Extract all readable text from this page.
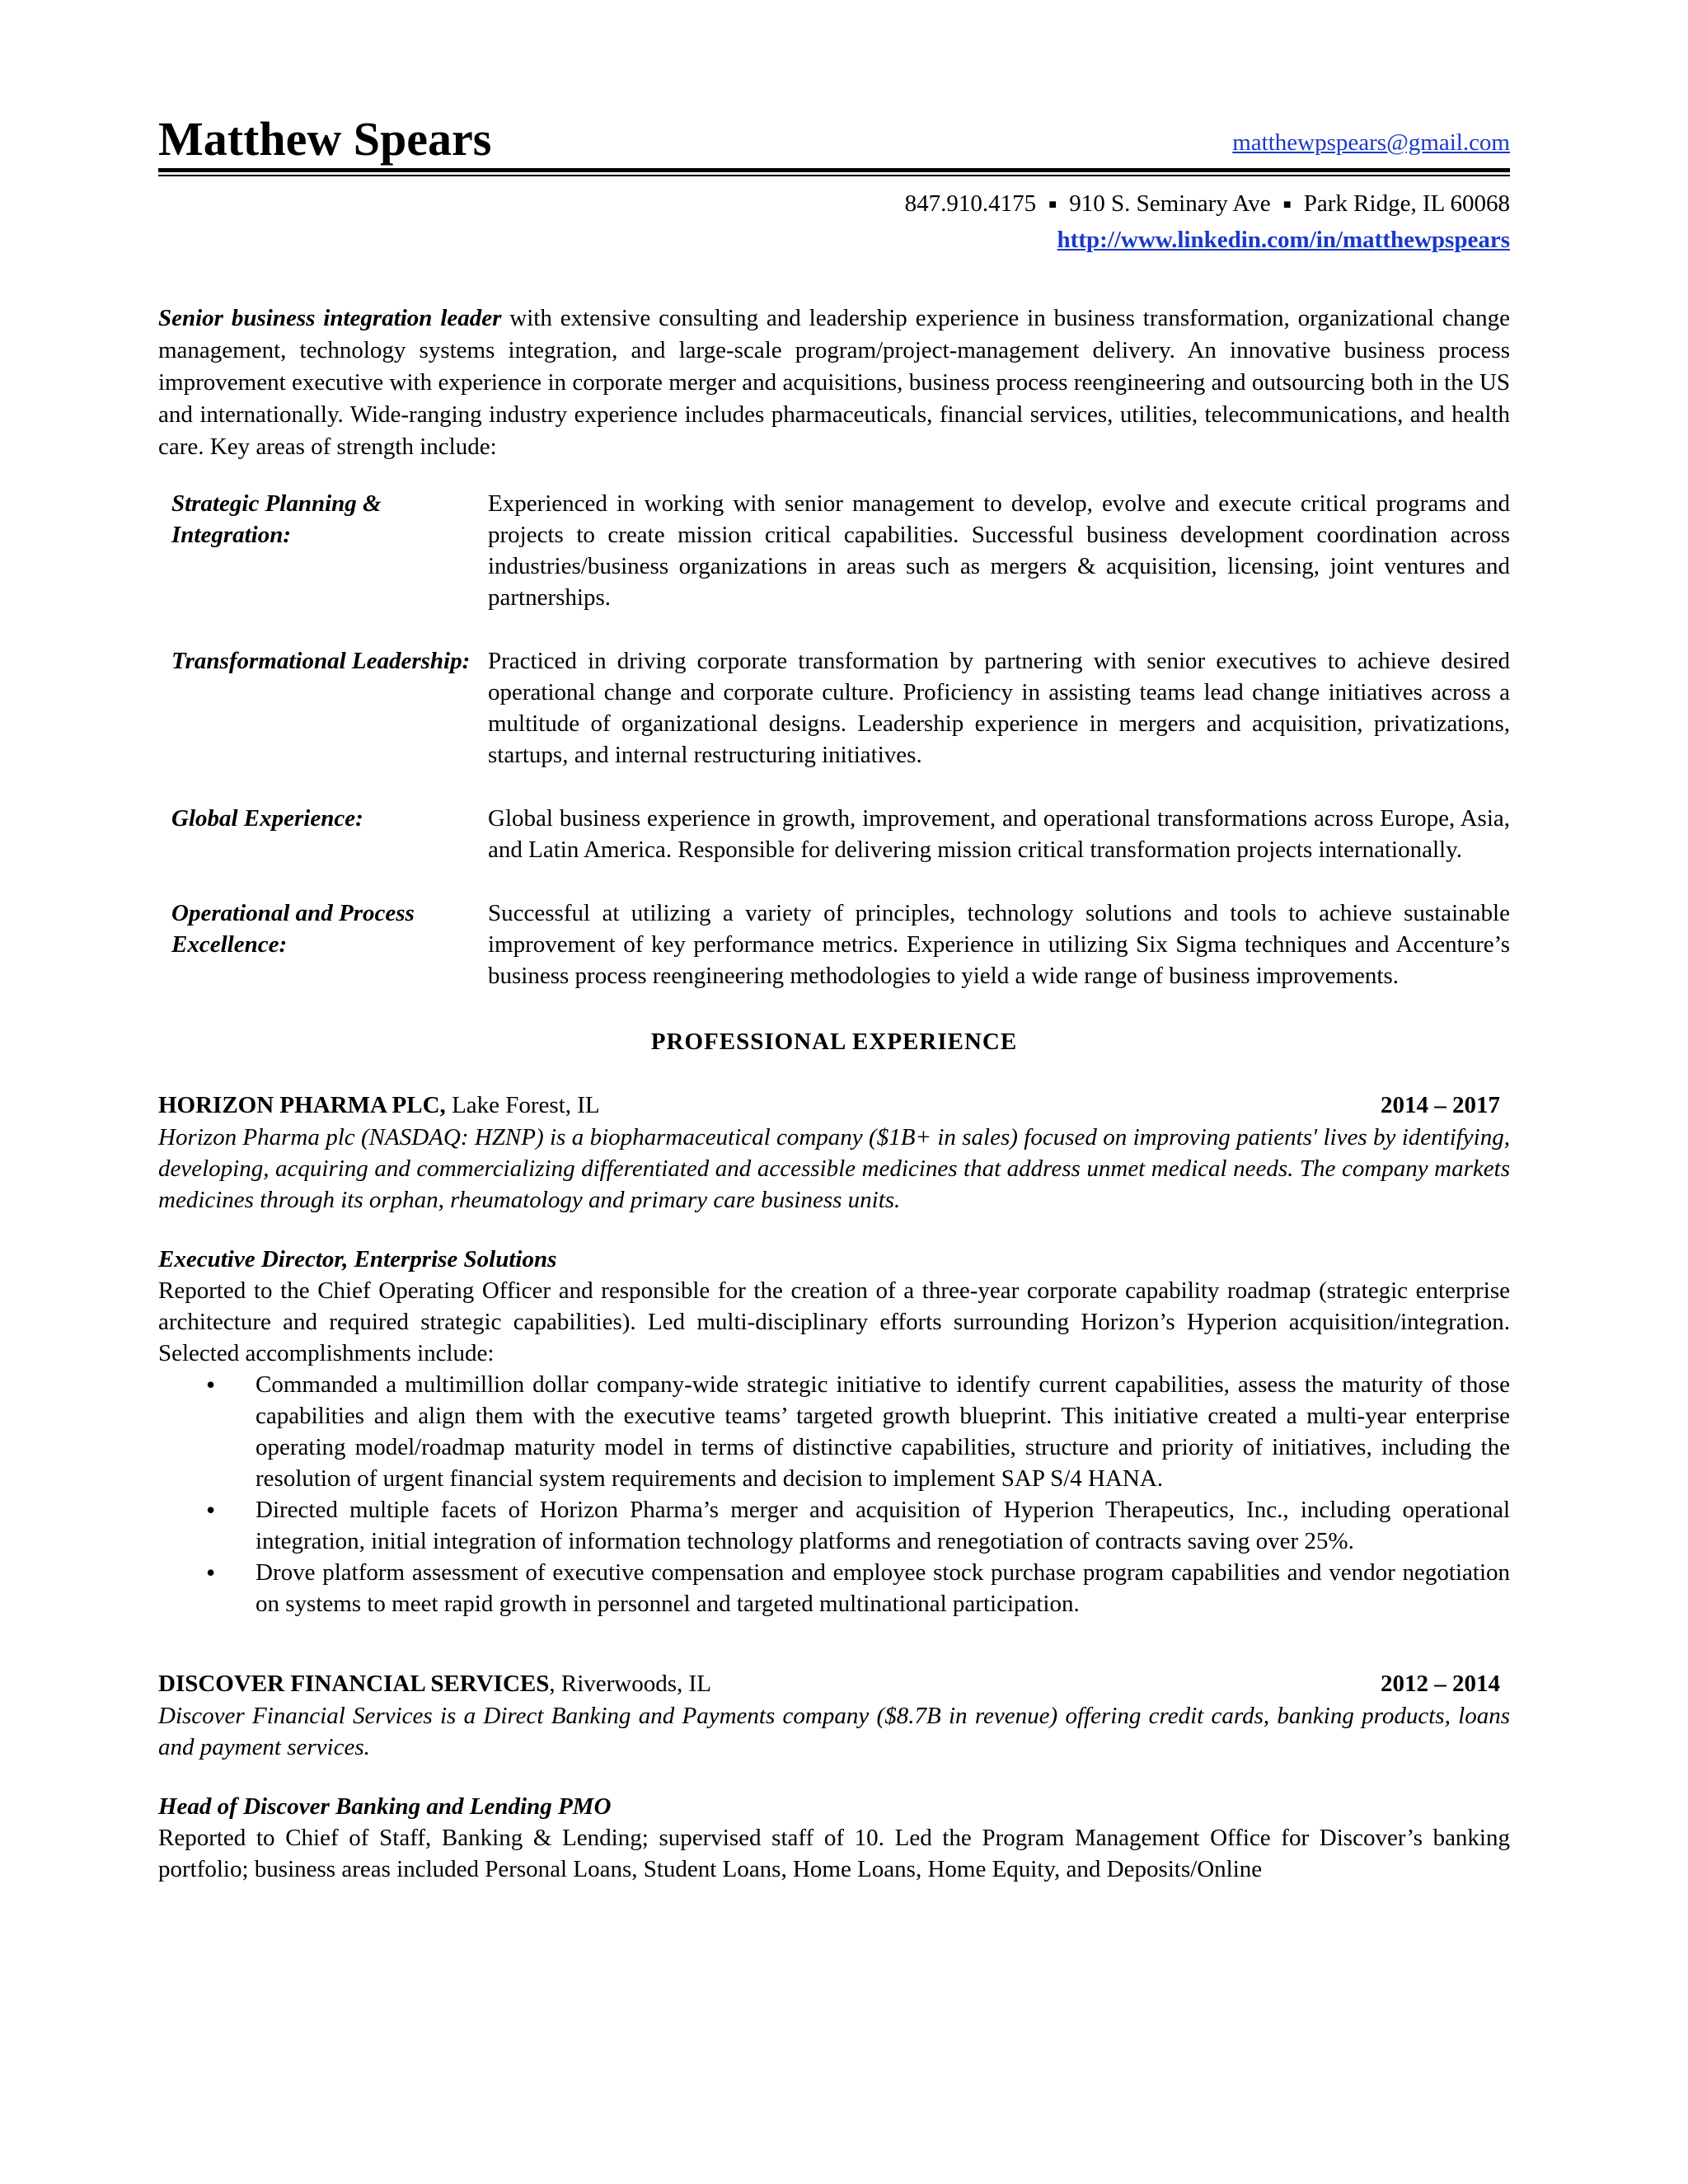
Matthew Spears	matthewpspears@gmail.com
847.910.4175 ■ 910 S. Seminary Ave ■ Park Ridge, IL 60068
http://www.linkedin.com/in/matthewpspears
Senior business integration leader with extensive consulting and leadership experience in business transformation, organizational change management, technology systems integration, and large-scale program/project-management delivery. An innovative business process improvement executive with experience in corporate merger and acquisitions, business process reengineering and outsourcing both in the US and internationally. Wide-ranging industry experience includes pharmaceuticals, financial services, utilities, telecommunications, and health care. Key areas of strength include:
Strategic Planning & Integration:
Experienced in working with senior management to develop, evolve and execute critical programs and projects to create mission critical capabilities. Successful business development coordination across industries/business organizations in areas such as mergers & acquisition, licensing, joint ventures and partnerships.
Transformational Leadership: Practiced in driving corporate transformation by partnering with senior executives to achieve desired operational change and corporate culture. Proficiency in assisting teams lead change initiatives across a multitude of organizational designs. Leadership experience in mergers and acquisition, privatizations, startups, and internal restructuring initiatives.
Global Experience:	Global business experience in growth, improvement, and operational transformations across Europe, Asia, and Latin America. Responsible for delivering mission critical transformation projects internationally.
Operational and Process Excellence:
Successful at utilizing a variety of principles, technology solutions and tools to achieve sustainable improvement of key performance metrics. Experience in utilizing Six Sigma techniques and Accenture’s business process reengineering methodologies to yield a wide range of business improvements.
PROFESSIONAL EXPERIENCE
HORIZON PHARMA PLC, Lake Forest, IL	2014 – 2017
Horizon Pharma plc (NASDAQ: HZNP) is a biopharmaceutical company ($1B+ in sales) focused on improving patients' lives by identifying, developing, acquiring and commercializing differentiated and accessible medicines that address unmet medical needs. The company markets medicines through its orphan, rheumatology and primary care business units.
Executive Director, Enterprise Solutions
Reported to the Chief Operating Officer and responsible for the creation of a three-year corporate capability roadmap (strategic enterprise architecture and required strategic capabilities). Led multi-disciplinary efforts surrounding Horizon’s Hyperion acquisition/integration. Selected accomplishments include:
• Commanded a multimillion dollar company-wide strategic initiative to identify current capabilities, assess the maturity of those capabilities and align them with the executive teams’ targeted growth blueprint. This initiative created a multi-year enterprise operating model/roadmap maturity model in terms of distinctive capabilities, structure and priority of initiatives, including the resolution of urgent financial system requirements and decision to implement SAP S/4 HANA.
• Directed multiple facets of Horizon Pharma’s merger and acquisition of Hyperion Therapeutics, Inc., including operational integration, initial integration of information technology platforms and renegotiation of contracts saving over 25%.
• Drove platform assessment of executive compensation and employee stock purchase program capabilities and vendor negotiation on systems to meet rapid growth in personnel and targeted multinational participation.
DISCOVER FINANCIAL SERVICES, Riverwoods, IL	2012 – 2014
Discover Financial Services is a Direct Banking and Payments company ($8.7B in revenue) offering credit cards, banking products, loans and payment services.
Head of Discover Banking and Lending PMO
Reported to Chief of Staff, Banking & Lending; supervised staff of 10. Led the Program Management Office for Discover’s banking portfolio; business areas included Personal Loans, Student Loans, Home Loans, Home Equity, and Deposits/Online
